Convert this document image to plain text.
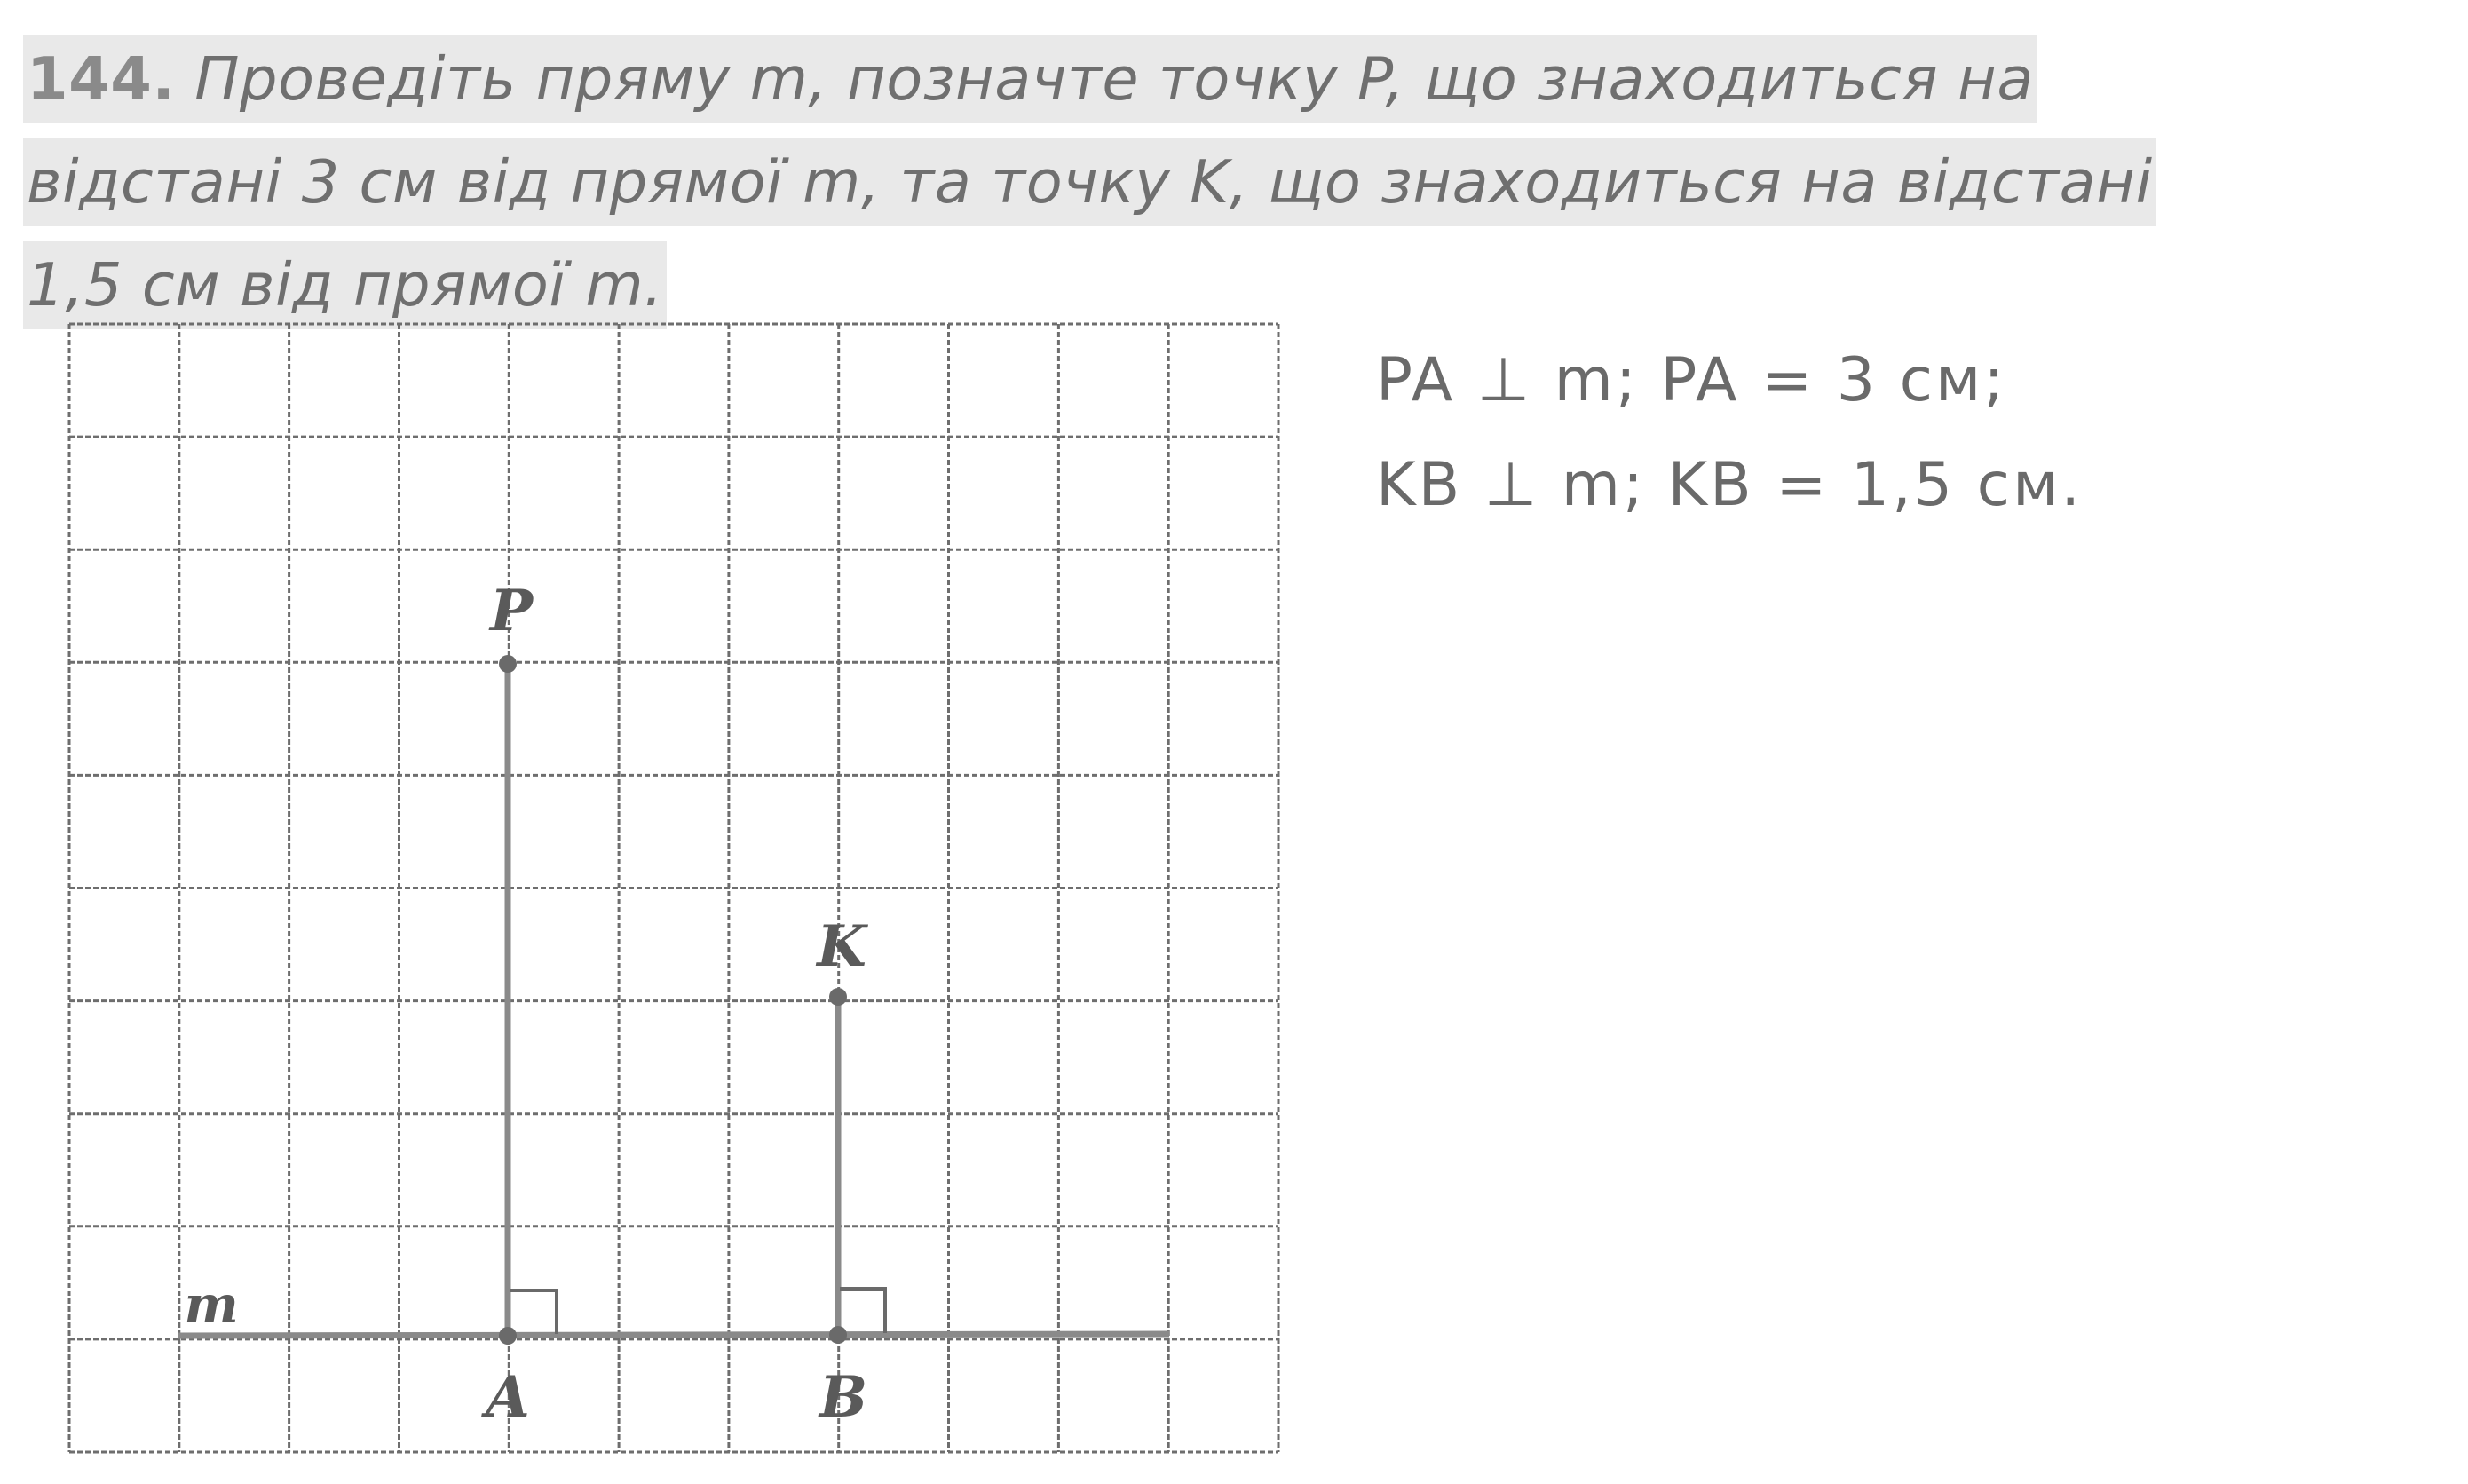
144. Проведіть пряму m, позначте точку P, що знаходиться на
відстані 3 см від прямої m, та точку K, що знаходиться на відстані
1,5 см від прямої m.
m
P
K
A	B
PA ⊥ m; PA = 3 см;
KB ⊥ m; KB = 1,5 см.
